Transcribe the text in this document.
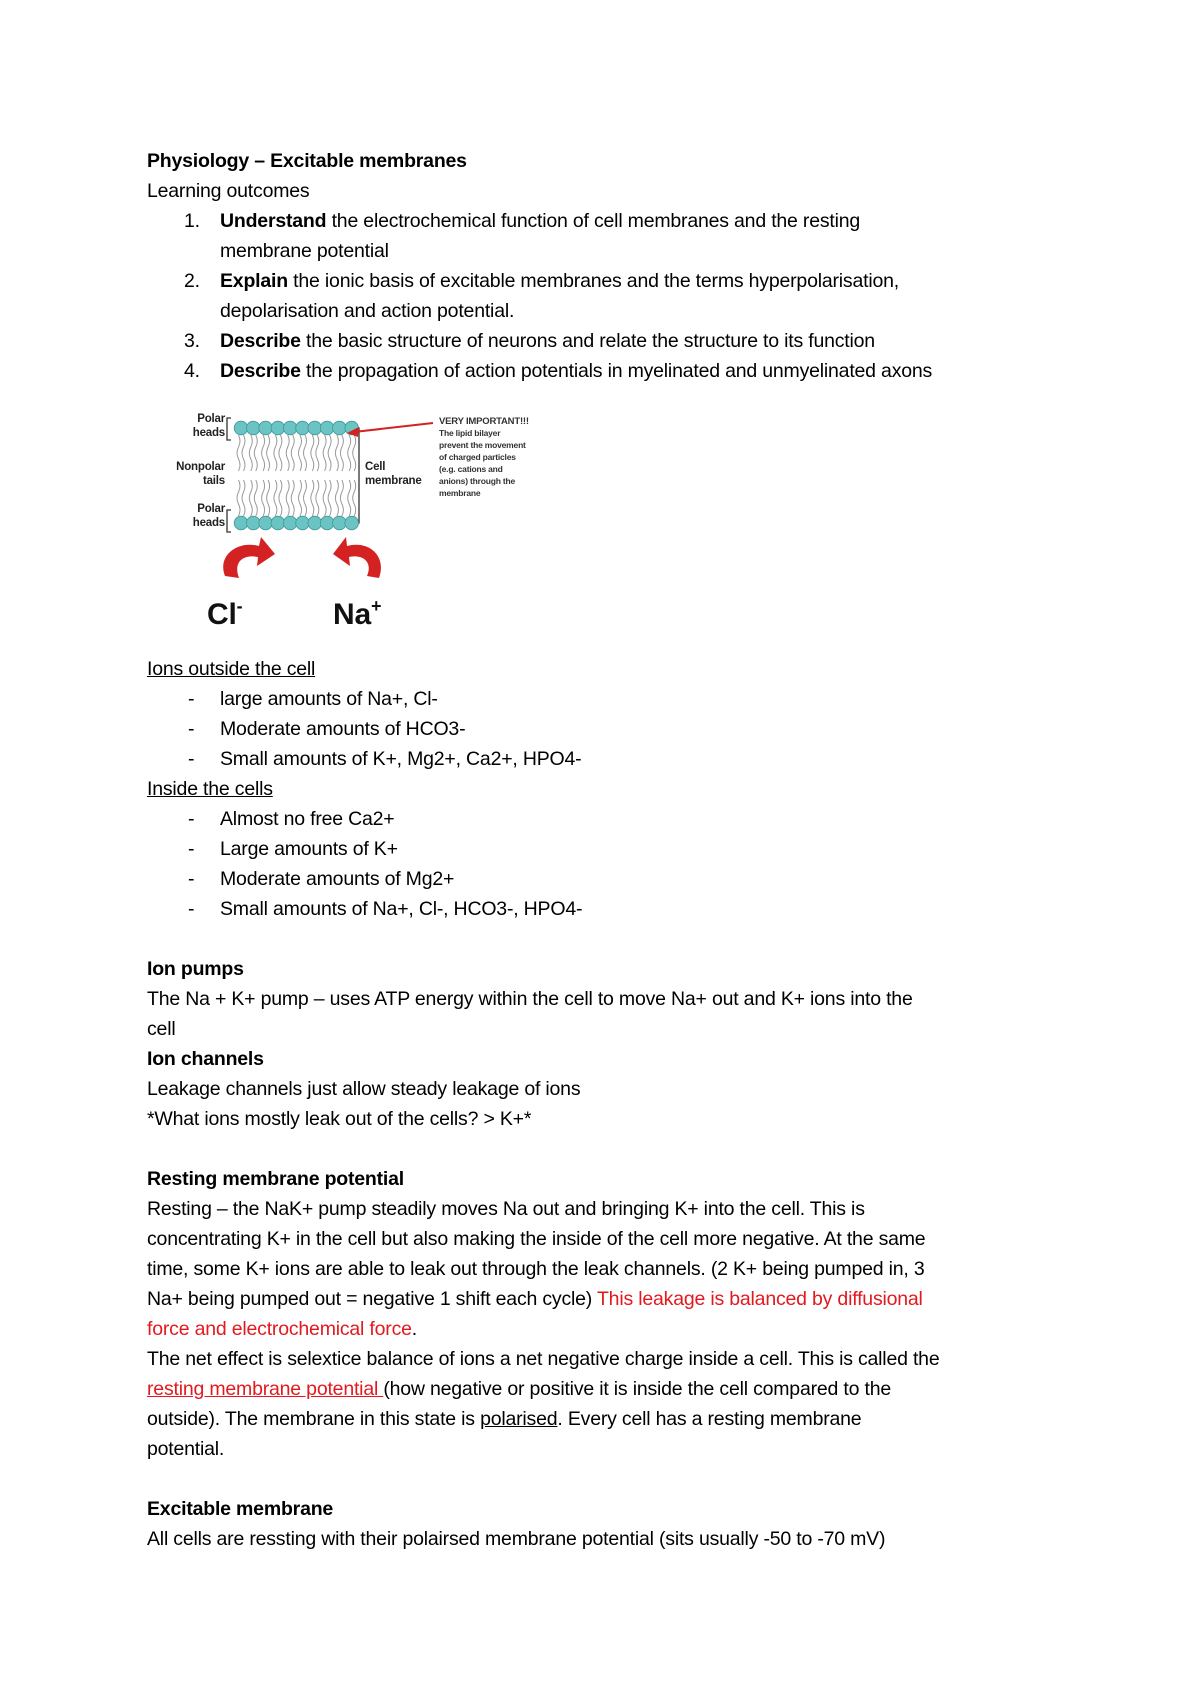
Physiology – Excitable membranes

Learning outcomes

1. Understand the electrochemical function of cell membranes and the resting
membrane potential
2. Explain the ionic basis of excitable membranes and the terms hyperpolarisation,
depolarisation and action potential.
3. Describe the basic structure of neurons and relate the structure to its function
4. Describe the propagation of action potentials in myelinated and unmyelinated axons
Polar
heads
Nonpolar
tails
Polar
heads
Cell
membrane
VERY IMPORTANT!!!
The lipid bilayer
prevent the movement
of charged particles
(e.g. cations and
anions) through the
membrane
Cl-	Na+

Ions outside the cell

- large amounts of Na+, Cl-
- Moderate amounts of HCO3-
- Small amounts of K+, Mg2+, Ca2+, HPO4-

Inside the cells

- Almost no free Ca2+
- Large amounts of K+
- Moderate amounts of Mg2+
- Small amounts of Na+, Cl-, HCO3-, HPO4-

Ion pumps

The Na + K+ pump – uses ATP energy within the cell to move Na+ out and K+ ions into the

cell

Ion channels

Leakage channels just allow steady leakage of ions

*What ions mostly leak out of the cells? > K+*

Resting membrane potential

Resting – the NaK+ pump steadily moves Na out and bringing K+ into the cell. This is

concentrating K+ in the cell but also making the inside of the cell more negative. At the same

time, some K+ ions are able to leak out through the leak channels. (2 K+ being pumped in, 3

Na+ being pumped out = negative 1 shift each cycle) This leakage is balanced by diffusional

force and electrochemical force.

The net effect is selextice balance of ions a net negative charge inside a cell. This is called the

resting membrane potential (how negative or positive it is inside the cell compared to the

outside). The membrane in this state is polarised. Every cell has a resting membrane

potential.

Excitable membrane

All cells are ressting with their polairsed membrane potential (sits usually -50 to -70 mV)
